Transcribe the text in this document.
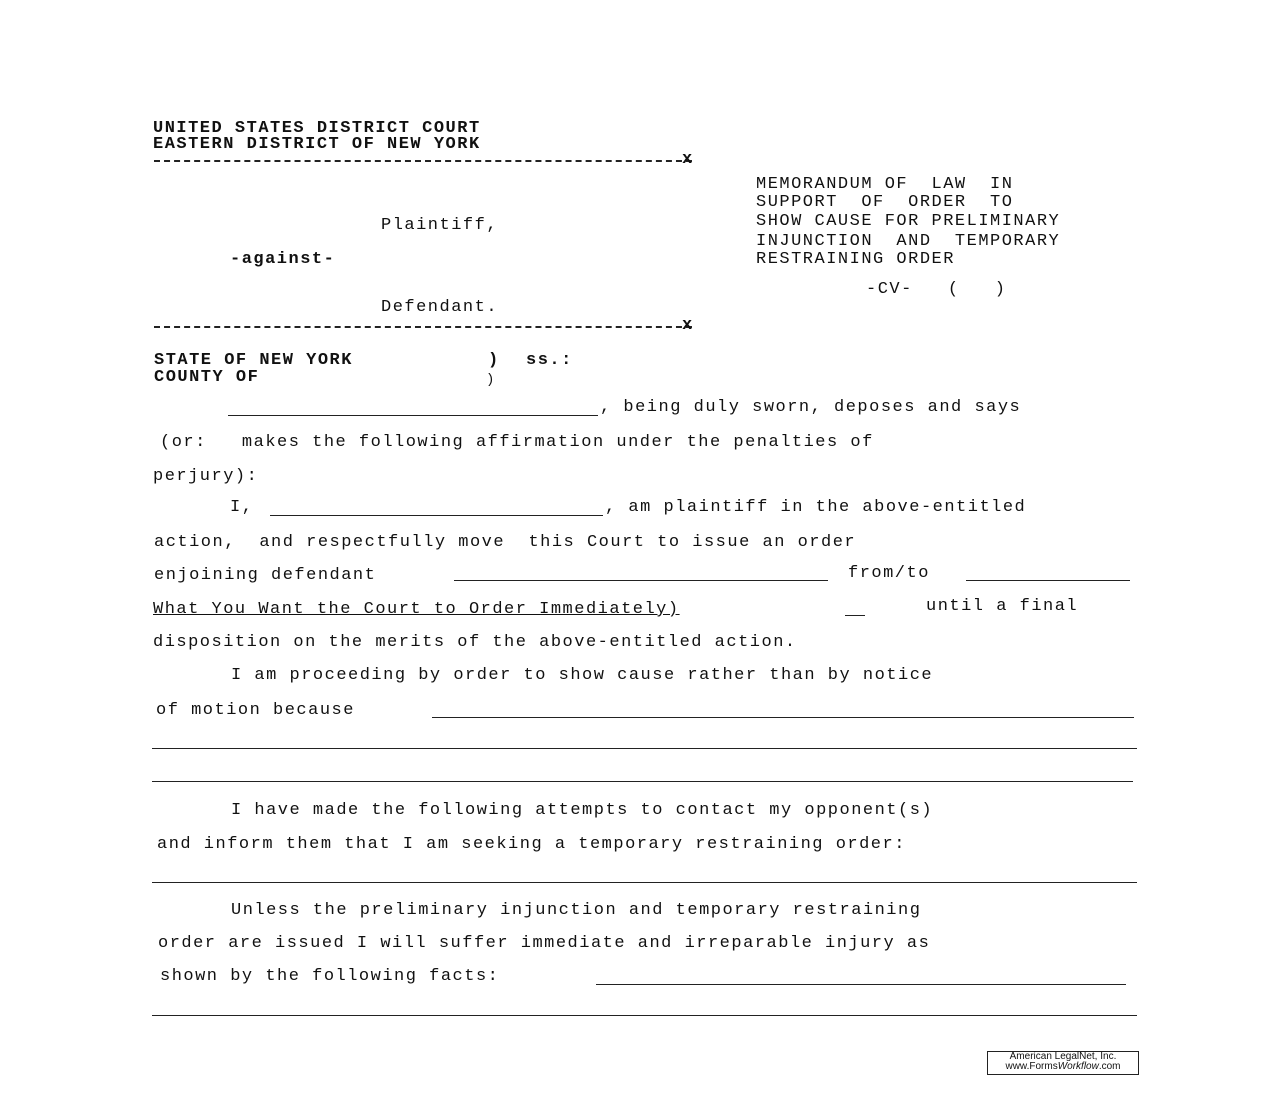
UNITED STATES DISTRICT COURT
EASTERN DISTRICT OF NEW YORK
x
Plaintiff,
-against-
Defendant.
x
MEMORANDUM OF  LAW  IN
SUPPORT  OF  ORDER  TO
SHOW CAUSE FOR PRELIMINARY
INJUNCTION  AND  TEMPORARY
RESTRAINING ORDER
-CV-   (   )
STATE OF NEW YORK	) ss.:
COUNTY OF	)
, being duly sworn, deposes and says
(or:   makes the following affirmation under the penalties of
perjury):
I,	, am plaintiff in the above-entitled
action,  and respectfully move  this Court to issue an order
enjoining defendant	from/to
What You Want the Court to Order Immediately)	until a final
disposition on the merits of the above-entitled action.
I am proceeding by order to show cause rather than by notice
of motion because
I have made the following attempts to contact my opponent(s)
and inform them that I am seeking a temporary restraining order:
Unless the preliminary injunction and temporary restraining
order are issued I will suffer immediate and irreparable injury as
shown by the following facts:
American LegalNet, Inc.
www.FormsWorkflow.com
